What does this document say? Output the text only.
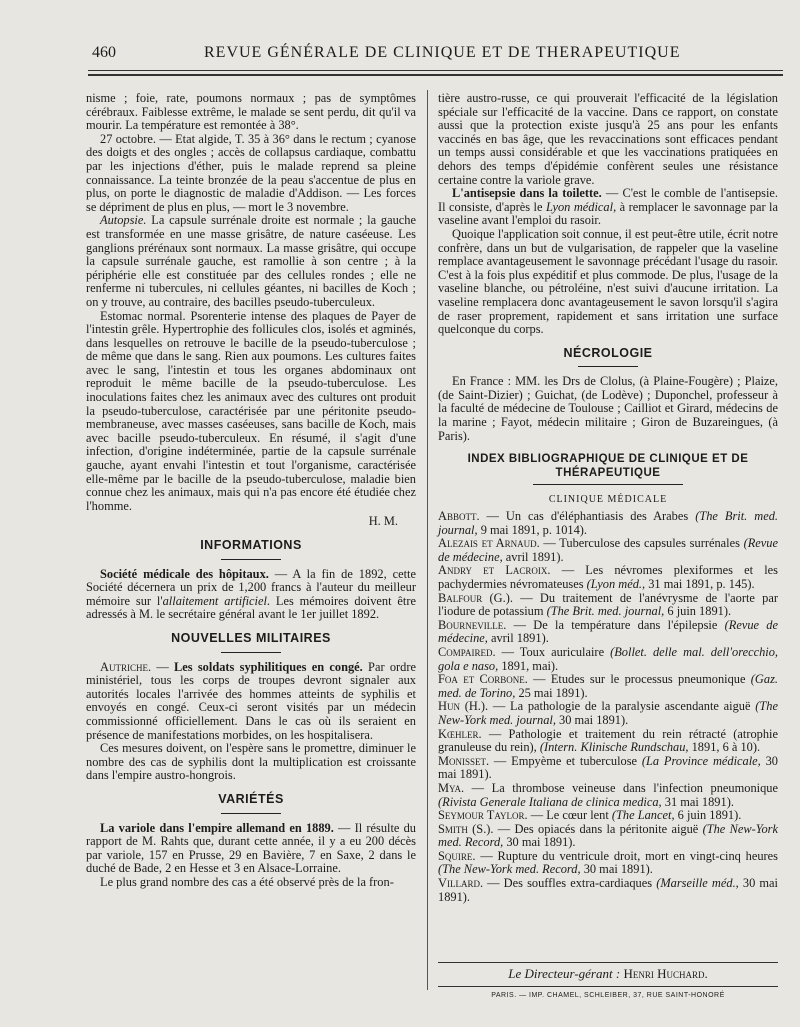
460	REVUE GÉNÉRALE DE CLINIQUE ET DE THERAPEUTIQUE

nisme ; foie, rate, poumons normaux ; pas de symptômes cérébraux. Faiblesse extrême, le malade se sent perdu, dit qu'il va mourir. La température est remontée à 38°.

27 octobre. — Etat algide, T. 35 à 36° dans le rectum ; cyanose des doigts et des ongles ; accès de collapsus cardiaque, combattu par les injections d'éther, puis le malade reprend sa pleine connaissance. La teinte bronzée de la peau s'accentue de plus en plus, on porte le diagnostic de maladie d'Addison. — Les forces se dépriment de plus en plus, — mort le 3 novembre.

Autopsie. La capsule surrénale droite est normale ; la gauche est transformée en une masse grisâtre, de nature caséeuse. Les ganglions prérénaux sont normaux. La masse grisâtre, qui occupe la capsule surrénale gauche, est ramollie à son centre ; à la périphérie elle est constituée par des cellules rondes ; elle ne renferme ni tubercules, ni cellules géantes, ni bacilles de Koch ; on y trouve, au contraire, des bacilles pseudo-tuberculeux.

Estomac normal. Psorenterie intense des plaques de Payer de l'intestin grêle. Hypertrophie des follicules clos, isolés et agminés, dans lesquelles on retrouve le bacille de la pseudo-tuberculose ; de même que dans le sang. Rien aux poumons. Les cultures faites avec le sang, l'intestin et tous les organes abdominaux ont reproduit le même bacille de la pseudo-tuberculose. Les inoculations faites chez les animaux avec des cultures ont produit la pseudo-tuberculose, caractérisée par une péritonite pseudo-membraneuse, avec masses caséeuses, sans bacille de Koch, mais avec bacille pseudo-tuberculeux. En résumé, il s'agit d'une infection, d'origine indéterminée, partie de la capsule surrénale gauche, ayant envahi l'intestin et tout l'organisme, caractérisée elle-même par le bacille de la pseudo-tuberculose, maladie bien connue chez les animaux, mais qui n'a pas encore été étudiée chez l'homme.

H. M.
INFORMATIONS

Société médicale des hôpitaux. — A la fin de 1892, cette Société décernera un prix de 1,200 francs à l'auteur du meilleur mémoire sur l'allaitement artificiel. Les mémoires doivent être adressés à M. le secrétaire général avant le 1er juillet 1892.

NOUVELLES MILITAIRES

Autriche. — Les soldats syphilitiques en congé. Par ordre ministériel, tous les corps de troupes devront signaler aux autorités locales l'arrivée des hommes atteints de syphilis et envoyés en congé. Ceux-ci seront visités par un médecin commissionné officiellement. Dans le cas où ils seraient en présence de manifestations morbides, on les hospitalisera.

Ces mesures doivent, on l'espère sans le promettre, diminuer le nombre des cas de syphilis dont la multiplication est croissante dans l'empire austro-hongrois.

VARIÉTÉS

La variole dans l'empire allemand en 1889. — Il résulte du rapport de M. Rahts que, durant cette année, il y a eu 200 décès par variole, 157 en Prusse, 29 en Bavière, 7 en Saxe, 2 dans le duché de Bade, 2 en Hesse et 3 en Alsace-Lorraine.

Le plus grand nombre des cas a été observé près de la fron-

tière austro-russe, ce qui prouverait l'efficacité de la législation spéciale sur l'efficacité de la vaccine. Dans ce rapport, on constate aussi que la protection existe jusqu'à 25 ans pour les enfants vaccinés en bas âge, que les revaccinations sont efficaces pendant un temps aussi considérable et que les vaccinations pratiquées en dehors des temps d'épidémie confèrent seules une résistance certaine contre la variole grave.

L'antisepsie dans la toilette. — C'est le comble de l'antisepsie. Il consiste, d'après le Lyon médical, à remplacer le savonnage par la vaseline avant l'emploi du rasoir.

Quoique l'application soit connue, il est peut-être utile, écrit notre confrère, dans un but de vulgarisation, de rappeler que la vaseline remplace avantageusement le savonnage précédant l'usage du rasoir. C'est à la fois plus expéditif et plus commode. De plus, l'usage de la vaseline blanche, ou pétroléine, n'est suivi d'aucune irritation. La vaseline remplacera donc avantageusement le savon lorsqu'il s'agira de raser proprement, rapidement et sans irritation une surface quelconque du corps.

NÉCROLOGIE

En France : MM. les Drs de Clolus, (à Plaine-Fougère) ; Plaize, (de Saint-Dizier) ; Guichat, (de Lodève) ; Duponchel, professeur à la faculté de médecine de Toulouse ; Cailliot et Girard, médecins de la marine ; Fayot, médecin militaire ; Giron de Buzareingues, (à Paris).

INDEX BIBLIOGRAPHIQUE DE CLINIQUE ET DE THÉRAPEUTIQUE
CLINIQUE MÉDICALE

Abbott. — Un cas d'éléphantiasis des Arabes (The Brit. med. journal, 9 mai 1891, p. 1014).

Alezais et Arnaud. — Tuberculose des capsules surrénales (Revue de médecine, avril 1891).

Andry et Lacroix. — Les névromes plexiformes et les pachydermies névromateuses (Lyon méd., 31 mai 1891, p. 145).

Balfour (G.). — Du traitement de l'anévrysme de l'aorte par l'iodure de potassium (The Brit. med. journal, 6 juin 1891).

Bourneville. — De la température dans l'épilepsie (Revue de médecine, avril 1891).

Compaired. — Toux auriculaire (Bollet. delle mal. dell'orecchio, gola e naso, 1891, mai).

Foa et Corbone. — Etudes sur le processus pneumonique (Gaz. med. de Torino, 25 mai 1891).

Hun (H.). — La pathologie de la paralysie ascendante aiguë (The New-York med. journal, 30 mai 1891).

Kœhler. — Pathologie et traitement du rein rétracté (atrophie granuleuse du rein), (Intern. Klinische Rundschau, 1891, 6 à 10).

Monisset. — Empyème et tuberculose (La Province médicale, 30 mai 1891).

Mya. — La thrombose veineuse dans l'infection pneumonique (Rivista Generale Italiana de clinica medica, 31 mai 1891).

Seymour Taylor. — Le cœur lent (The Lancet, 6 juin 1891).

Smith (S.). — Des opiacés dans la péritonite aiguë (The New-York med. Record, 30 mai 1891).

Squire. — Rupture du ventricule droit, mort en vingt-cinq heures (The New-York med. Record, 30 mai 1891).

Villard. — Des souffles extra-cardiaques (Marseille méd., 30 mai 1891).

Le Directeur-gérant : Henri Huchard.
PARIS. — IMP. CHAMEL, SCHLEIBER, 37, RUE SAINT-HONORÉ
